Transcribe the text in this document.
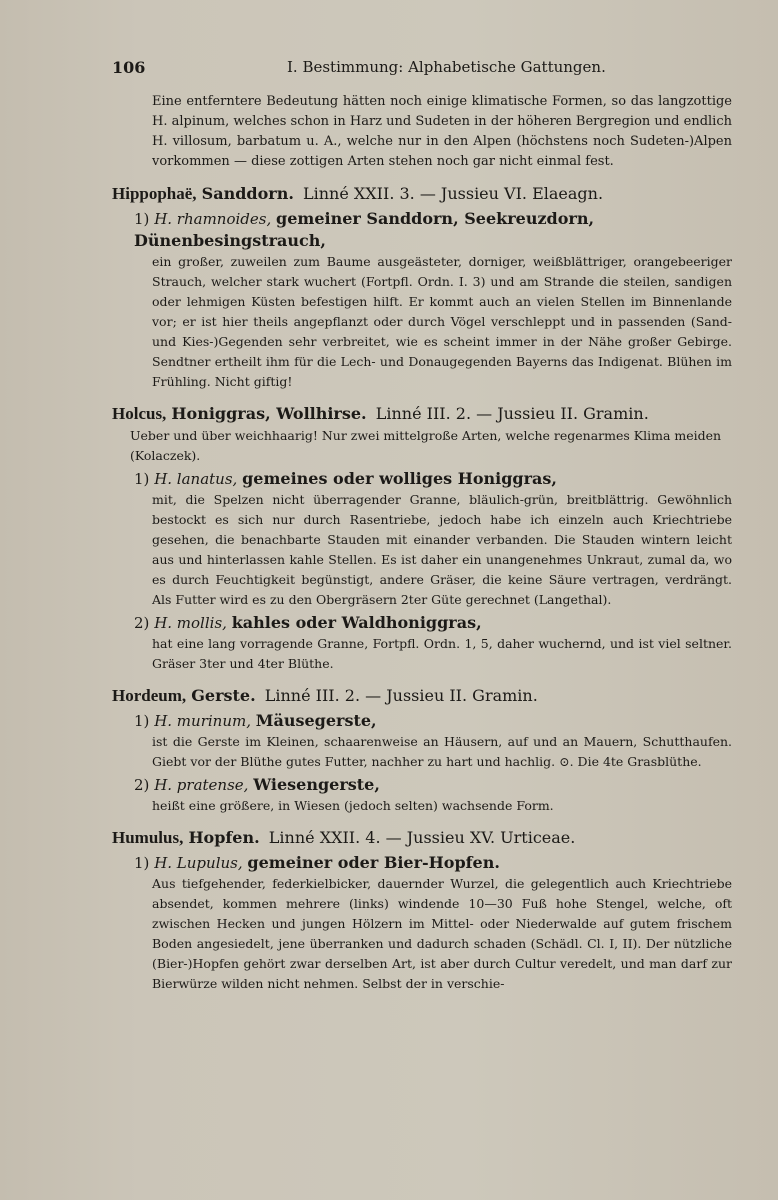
106	I. Bestimmung: Alphabetische Gattungen.

Eine entferntere Bedeutung hätten noch einige klimatische Formen, so das langzottige H. alpinum, welches schon in Harz und Sudeten in der höheren Bergregion und endlich H. villosum, barbatum u. A., welche nur in den Alpen (höchstens noch Sudeten-)Alpen vorkommen — diese zottigen Arten stehen noch gar nicht einmal fest.

Hippophaë, Sanddorn. Linné XXII. 3. — Jussieu VI. Elaeagn.
1) H. rhamnoides, gemeiner Sanddorn, Seekreuzdorn, Dünenbesingstrauch,
ein großer, zuweilen zum Baume ausgeästeter, dorniger, weißblättriger, orangebeeriger Strauch, welcher stark wuchert (Fortpfl. Ordn. I. 3) und am Strande die steilen, sandigen oder lehmigen Küsten befestigen hilft. Er kommt auch an vielen Stellen im Binnenlande vor; er ist hier theils angepflanzt oder durch Vögel verschleppt und in passenden (Sand- und Kies-)Gegenden sehr verbreitet, wie es scheint immer in der Nähe großer Gebirge. Sendtner ertheilt ihm für die Lech- und Donaugegenden Bayerns das Indigenat. Blühen im Frühling. Nicht giftig!
Holcus, Honiggras, Wollhirse. Linné III. 2. — Jussieu II. Gramin.
Ueber und über weichhaarig! Nur zwei mittelgroße Arten, welche regenarmes Klima meiden (Kolaczek).
1) H. lanatus, gemeines oder wolliges Honiggras,
mit, die Spelzen nicht überragender Granne, bläulich-grün, breitblättrig. Gewöhnlich bestockt es sich nur durch Rasentriebe, jedoch habe ich einzeln auch Kriechtriebe gesehen, die benachbarte Stauden mit einander verbanden. Die Stauden wintern leicht aus und hinterlassen kahle Stellen. Es ist daher ein unangenehmes Unkraut, zumal da, wo es durch Feuchtigkeit begünstigt, andere Gräser, die keine Säure vertragen, verdrängt. Als Futter wird es zu den Obergräsern 2ter Güte gerechnet (Langethal).
2) H. mollis, kahles oder Waldhoniggras,
hat eine lang vorragende Granne, Fortpfl. Ordn. 1, 5, daher wuchernd, und ist viel seltner. Gräser 3ter und 4ter Blüthe.
Hordeum, Gerste. Linné III. 2. — Jussieu II. Gramin.
1) H. murinum, Mäusegerste,
ist die Gerste im Kleinen, schaarenweise an Häusern, auf und an Mauern, Schutthaufen. Giebt vor der Blüthe gutes Futter, nachher zu hart und hachlig. ⊙. Die 4te Grasblüthe.
2) H. pratense, Wiesengerste,
heißt eine größere, in Wiesen (jedoch selten) wachsende Form.
Humulus, Hopfen. Linné XXII. 4. — Jussieu XV. Urticeae.
1) H. Lupulus, gemeiner oder Bier-Hopfen.
Aus tiefgehender, federkielbicker, dauernder Wurzel, die gelegentlich auch Kriechtriebe absendet, kommen mehrere (links) windende 10—30 Fuß hohe Stengel, welche, oft zwischen Hecken und jungen Hölzern im Mittel- oder Niederwalde auf gutem frischem Boden angesiedelt, jene überranken und dadurch schaden (Schädl. Cl. I, II). Der nützliche (Bier-)Hopfen gehört zwar derselben Art, ist aber durch Cultur veredelt, und man darf zur Bierwürze wilden nicht nehmen. Selbst der in verschie-
